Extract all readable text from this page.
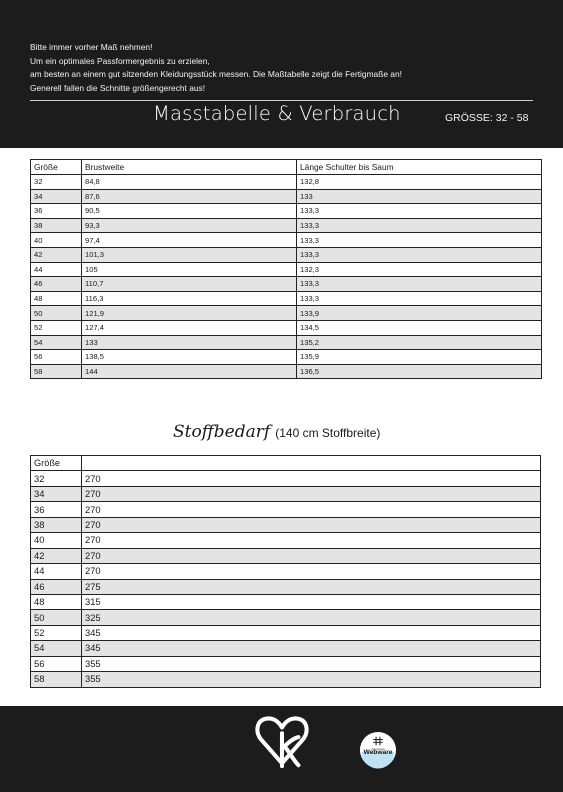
Bitte immer vorher Maß nehmen!
Um ein optimales Passformergebnis zu erzielen,
am besten an einem gut sitzenden Kleidungsstück messen. Die Maßtabelle zeigt die Fertigmaße an!
Generell fallen die Schnitte größengerecht aus!
Masstabelle & Verbrauch	GRÖSSE: 32 - 58
Größe	Brustweite	Länge Schulter bis Saum
32	84,8	132,8
34	87,6	133
36	90,5	133,3
38	93,3	133,3
40	97,4	133,3
42	101,3	133,3
44	105	132,3
46	110,7	133,3
48	116,3	133,3
50	121,9	133,9
52	127,4	134,5
54	133	135,2
56	138,5	135,9
58	144	136,5
Stoffbedarf (140 cm Stoffbreite)
Größe	
32	270
34	270
36	270
38	270
40	270
42	270
44	270
46	275
48	315
50	325
52	345
54	345
56	355
58	355
Webware
